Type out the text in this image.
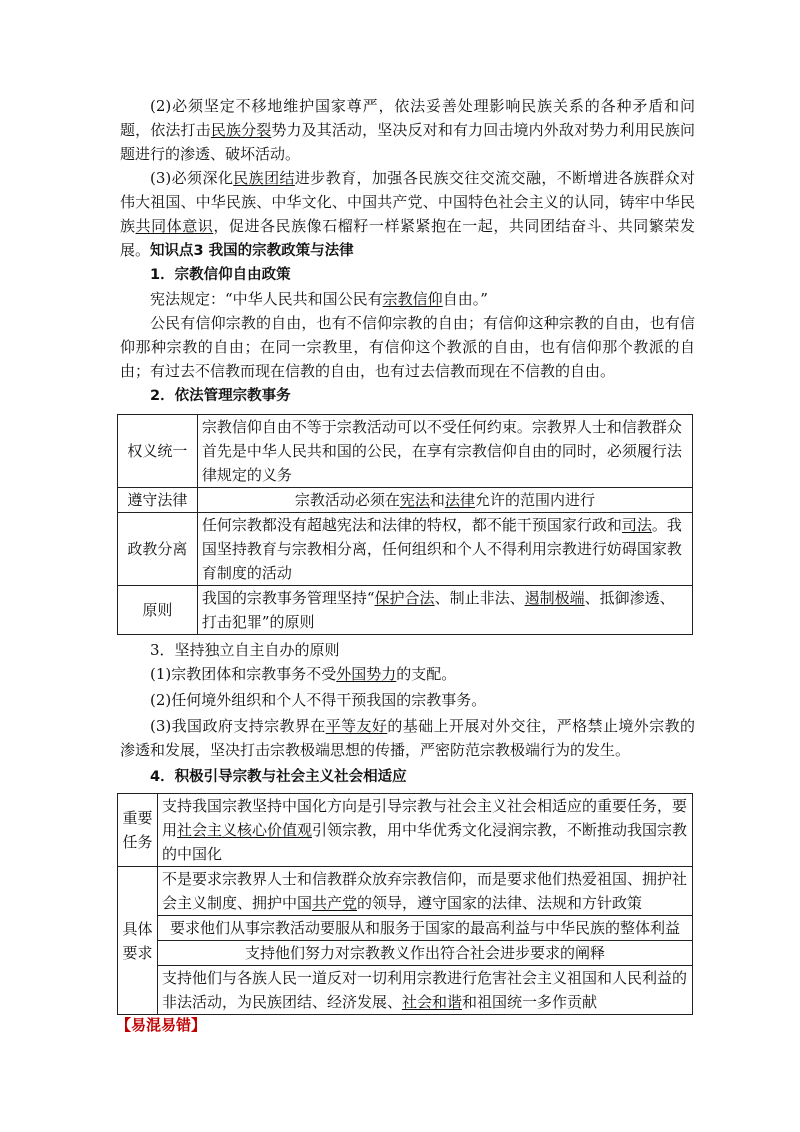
(2)必须坚定不移地维护国家尊严，依法妥善处理影响民族关系的各种矛盾和问题，依法打击民族分裂势力及其活动，坚决反对和有力回击境内外敌对势力利用民族问题进行的渗透、破坏活动。
(3)必须深化民族团结进步教育，加强各民族交往交流交融，不断增进各族群众对伟大祖国、中华民族、中华文化、中国共产党、中国特色社会主义的认同，铸牢中华民族共同体意识，促进各民族像石榴籽一样紧紧抱在一起，共同团结奋斗、共同繁荣发展。 知识点3 我国的宗教政策与法律
1．宗教信仰自由政策
宪法规定：“中华人民共和国公民有宗教信仰自由。”
公民有信仰宗教的自由，也有不信仰宗教的自由；有信仰这种宗教的自由，也有信仰那种宗教的自由；在同一宗教里，有信仰这个教派的自由，也有信仰那个教派的自由；有过去不信教而现在信教的自由，也有过去信教而现在不信教的自由。
2．依法管理宗教事务
权义统一	宗教信仰自由不等于宗教活动可以不受任何约束。宗教界人士和信教群众首先是中华人民共和国的公民，在享有宗教信仰自由的同时，必须履行法律规定的义务
遵守法律	宗教活动必须在宪法和法律允许的范围内进行
政教分离	任何宗教都没有超越宪法和法律的特权，都不能干预国家行政和司法。我国坚持教育与宗教相分离，任何组织和个人不得利用宗教进行妨碍国家教育制度的活动
原则	我国的宗教事务管理坚持“保护合法、制止非法、遏制极端、抵御渗透、打击犯罪”的原则
3．坚持独立自主自办的原则
(1)宗教团体和宗教事务不受外国势力的支配。
(2)任何境外组织和个人不得干预我国的宗教事务。
(3)我国政府支持宗教界在平等友好的基础上开展对外交往，严格禁止境外宗教的渗透和发展，坚决打击宗教极端思想的传播，严密防范宗教极端行为的发生。
4．积极引导宗教与社会主义社会相适应
重要任务	支持我国宗教坚持中国化方向是引导宗教与社会主义社会相适应的重要任务，要用社会主义核心价值观引领宗教，用中华优秀文化浸润宗教，不断推动我国宗教的中国化
具体要求	不是要求宗教界人士和信教群众放弃宗教信仰，而是要求他们热爱祖国、拥护社会主义制度、拥护中国共产党的领导，遵守国家的法律、法规和方针政策
	要求他们从事宗教活动要服从和服务于国家的最高利益与中华民族的整体利益
	支持他们努力对宗教教义作出符合社会进步要求的阐释
	支持他们与各族人民一道反对一切利用宗教进行危害社会主义祖国和人民利益的非法活动，为民族团结、经济发展、社会和谐和祖国统一多作贡献
【易混易错】
